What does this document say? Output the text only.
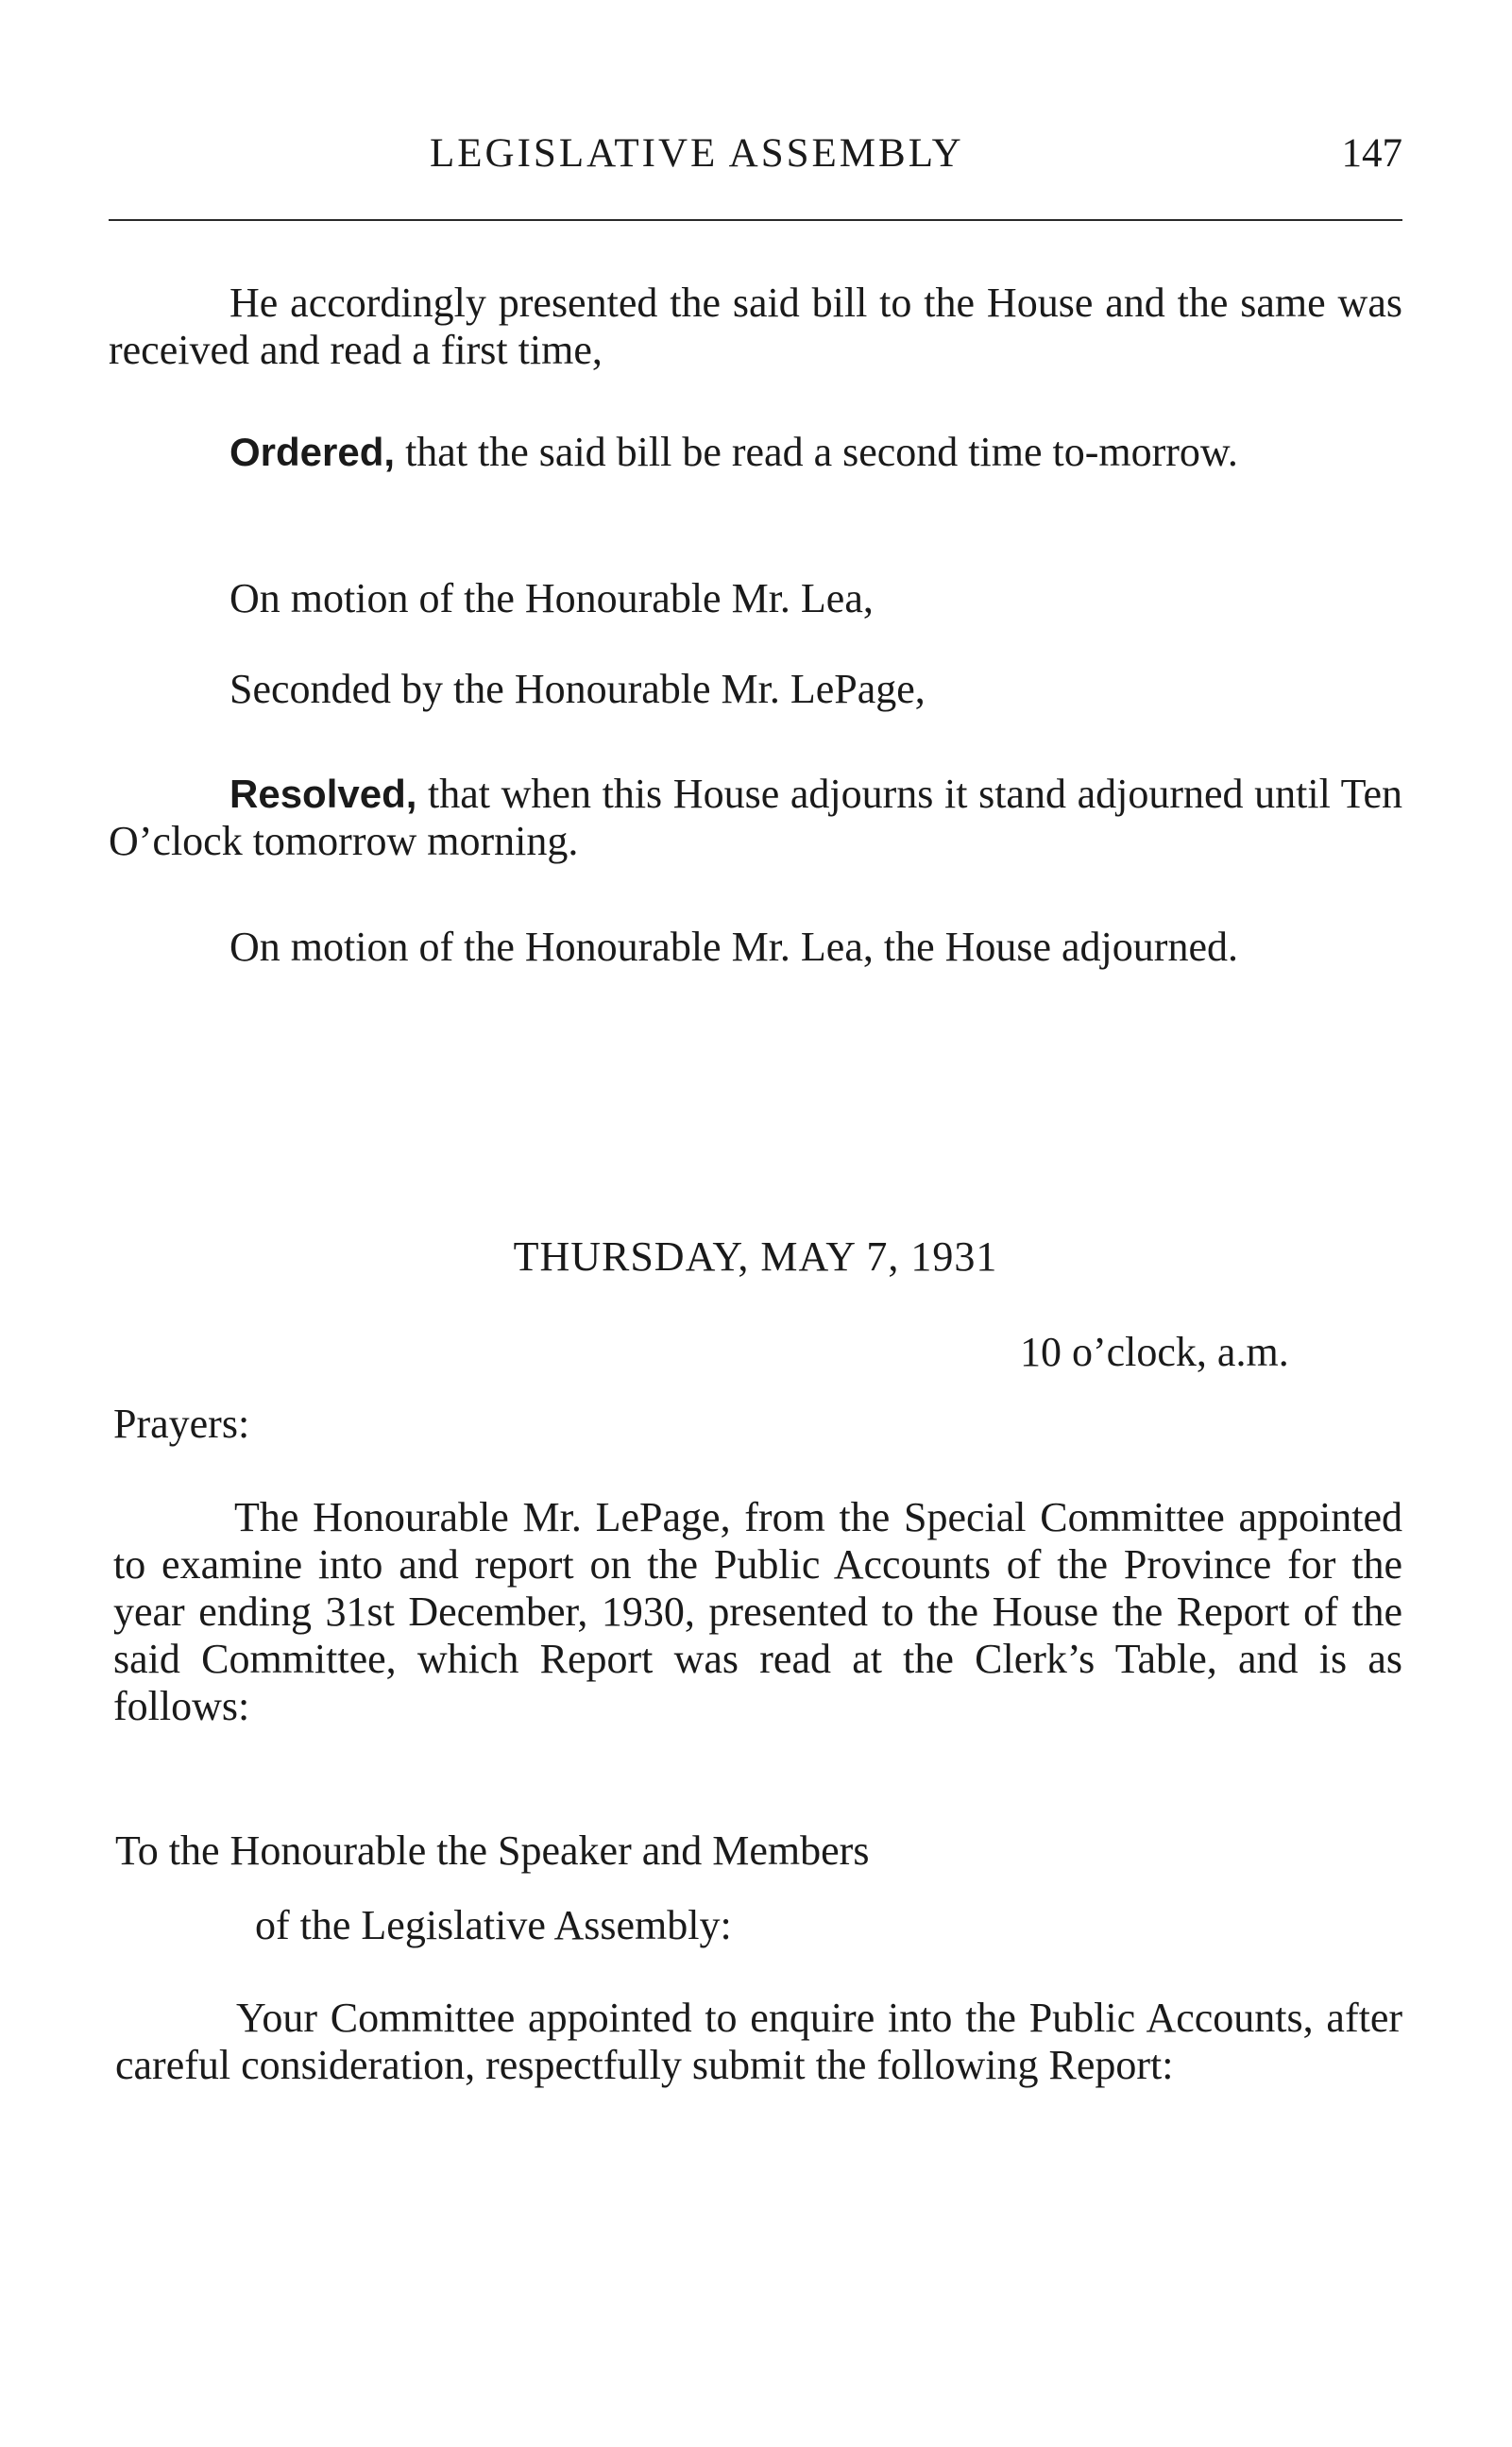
LEGISLATIVE ASSEMBLY	147

He accordingly presented the said bill to the House and the same was received and read a first time,

Ordered, that the said bill be read a second time to-morrow.

On motion of the Honourable Mr. Lea,

Seconded by the Honourable Mr. LePage,

Resolved, that when this House adjourns it stand adjourned until Ten O’clock tomorrow morning.

On motion of the Honourable Mr. Lea, the House adjourned.

THURSDAY, MAY 7, 1931

10 o’clock, a.m.

Prayers:

The Honourable Mr. LePage, from the Special Committee appointed to examine into and report on the Public Accounts of the Province for the year ending 31st December, 1930, presented to the House the Report of the said Committee, which Report was read at the Clerk’s Table, and is as follows:

To the Honourable the Speaker and Members

of the Legislative Assembly:

Your Committee appointed to enquire into the Public Accounts, after careful consideration, respectfully submit the following Report:
